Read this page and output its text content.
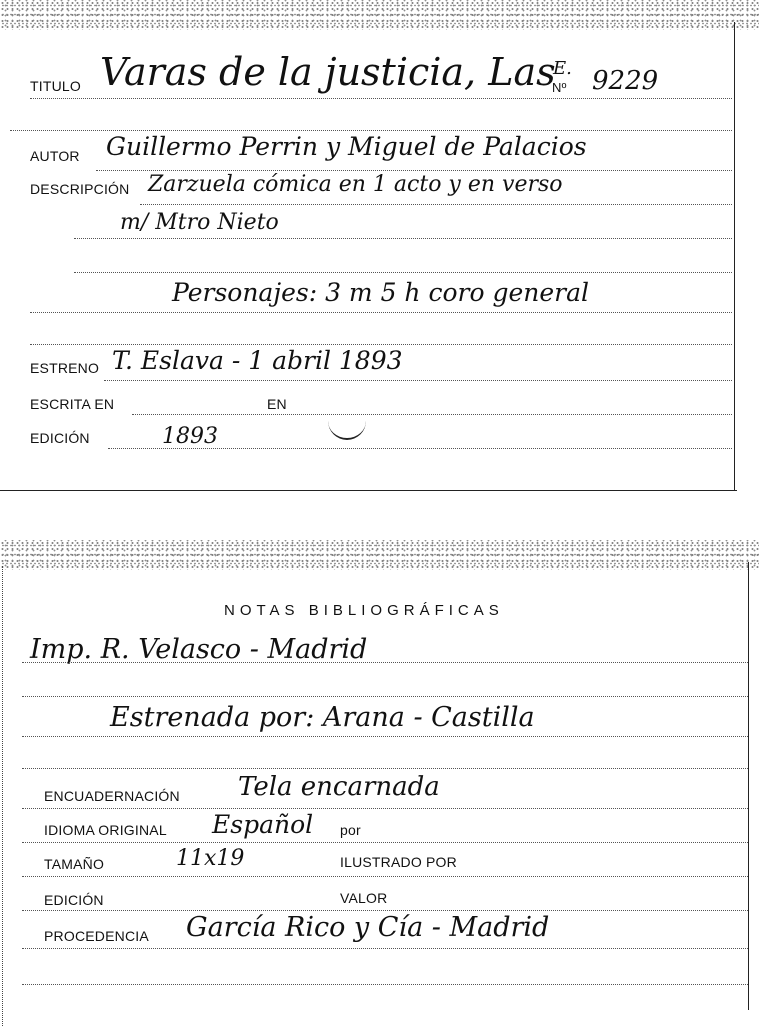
TITULO Varas de la justicia, Las
E.
Nº 9229
AUTOR Guillermo Perrin y Miguel de Palacios
DESCRIPCIÓN Zarzuela cómica en 1 acto y en verso
m/ Mtro Nieto
Personajes: 3 m 5 h coro general
ESTRENO T. Eslava - 1 abril 1893
ESCRITA EN	EN
EDICIÓN	1893
NOTAS BIBLIOGRÁFICAS
Imp. R. Velasco - Madrid
Estrenada por: Arana - Castilla
ENCUADERNACIÓN Tela encarnada
IDIOMA ORIGINAL Español por
TAMAÑO	11x19	ILUSTRADO POR
EDICIÓN	VALOR
PROCEDENCIA García Rico y Cía - Madrid
